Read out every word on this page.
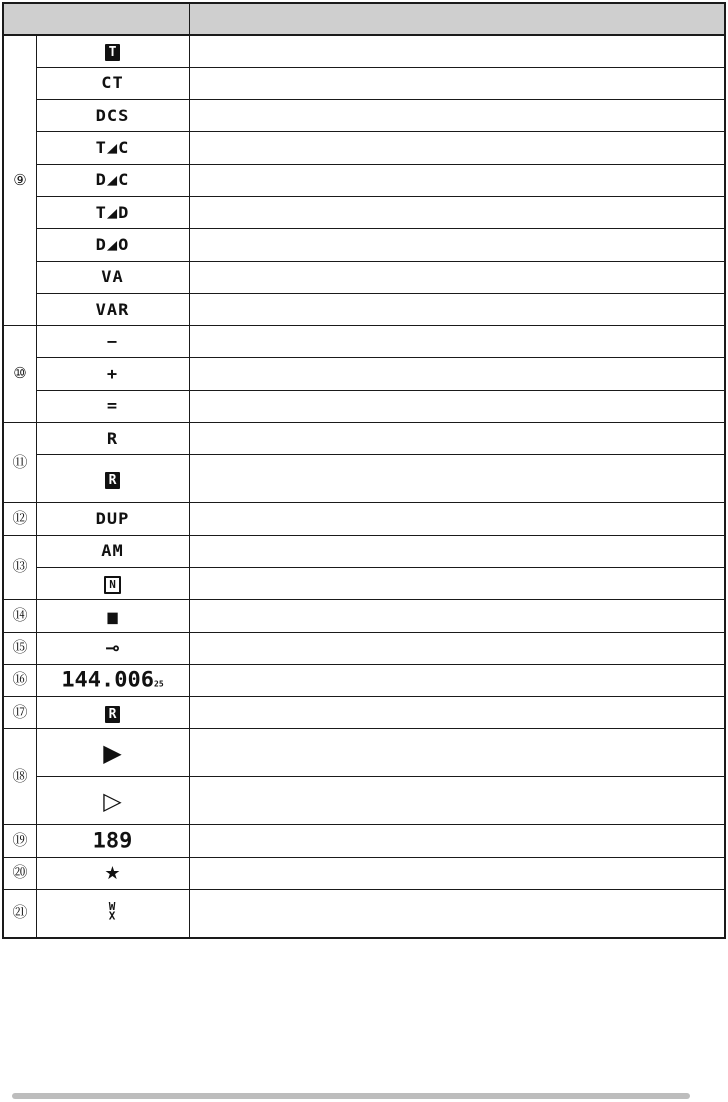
⑨	T	
	CT	
	DCS	
	T◢C	
	D◢C	
	T◢D	
	D◢O	
	VA	
	VAR	
⑩	−	
	+	
	=	
⑪	R	
	R	
⑫	DUP	
⑬	AM	
	N	
⑭	▆	
⑮	⊸	
⑯	144.00625	
⑰	R	
⑱	▶	
	▷	
⑲	189	
⑳	★	
㉑	WX	
